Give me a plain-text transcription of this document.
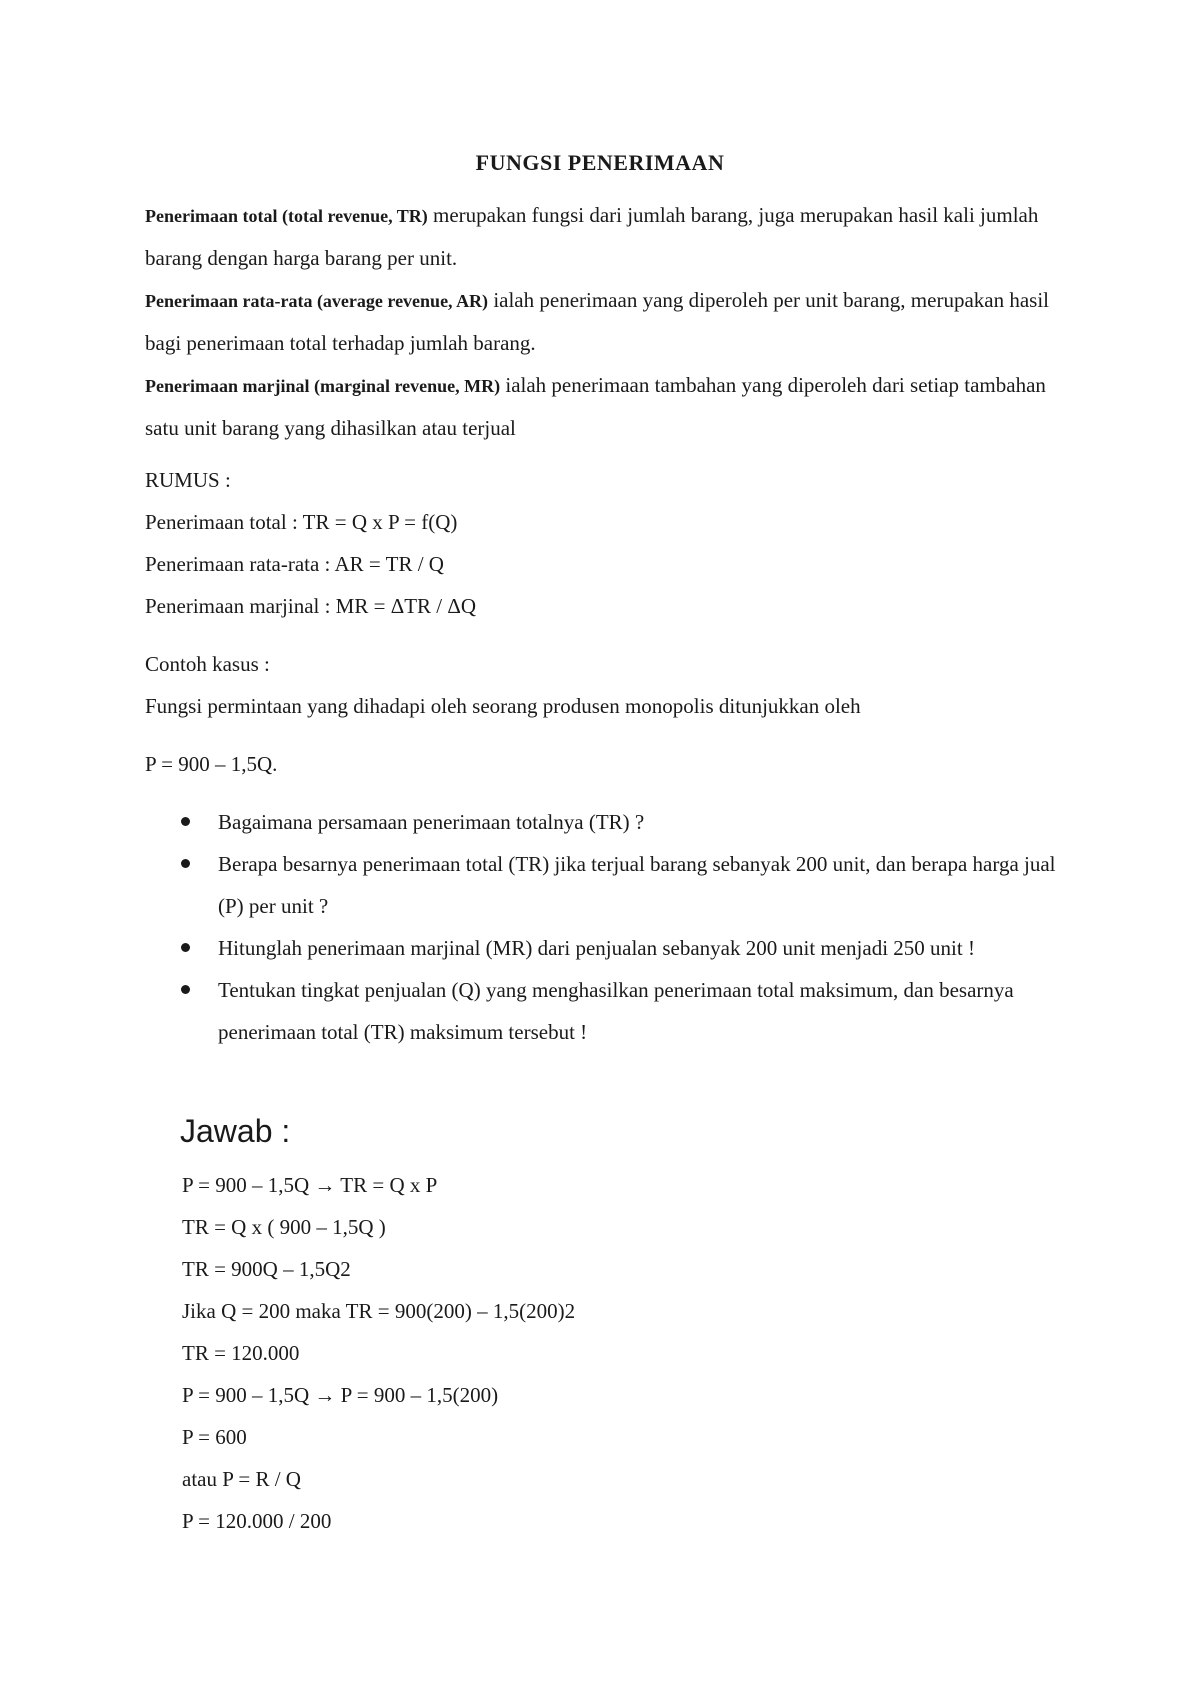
FUNGSI PENERIMAAN

Penerimaan total (total revenue, TR) merupakan fungsi dari jumlah barang, juga merupakan hasil kali jumlah barang dengan harga barang per unit.

Penerimaan rata-rata (average revenue, AR) ialah penerimaan yang diperoleh per unit barang, merupakan hasil bagi penerimaan total terhadap jumlah barang.

Penerimaan marjinal (marginal revenue, MR) ialah penerimaan tambahan yang diperoleh dari setiap tambahan satu unit barang yang dihasilkan atau terjual

RUMUS :

Penerimaan total : TR = Q x P = f(Q)

Penerimaan rata-rata : AR = TR / Q

Penerimaan marjinal : MR = ΔTR / ΔQ

Contoh kasus :

Fungsi permintaan yang dihadapi oleh seorang produsen monopolis ditunjukkan oleh

P = 900 – 1,5Q.

Bagaimana persamaan penerimaan totalnya (TR) ?
Berapa besarnya penerimaan total (TR) jika terjual barang sebanyak 200 unit, dan berapa harga jual (P) per unit ?
Hitunglah penerimaan marjinal (MR) dari penjualan sebanyak 200 unit menjadi 250 unit !
Tentukan tingkat penjualan (Q) yang menghasilkan penerimaan total maksimum, dan besarnya penerimaan total (TR) maksimum tersebut !
Jawab :

P = 900 – 1,5Q → TR = Q x P

TR = Q x ( 900 – 1,5Q )

TR = 900Q – 1,5Q2

Jika Q = 200 maka TR = 900(200) – 1,5(200)2

TR = 120.000

P = 900 – 1,5Q → P = 900 – 1,5(200)

P = 600

atau P = R / Q

P = 120.000 / 200
